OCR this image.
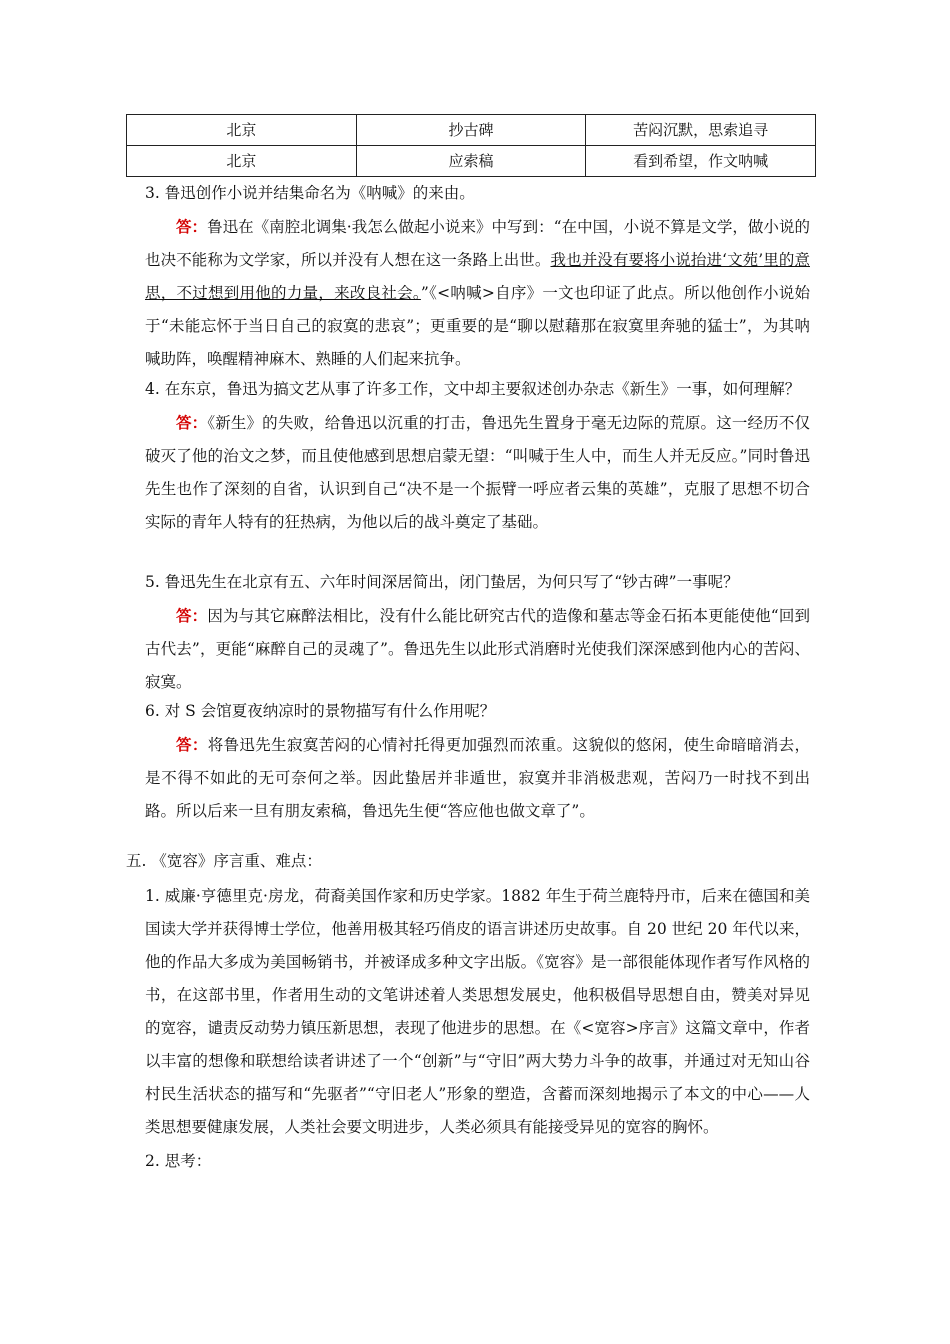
北京	抄古碑	苦闷沉默，思索追寻
北京	应索稿	看到希望，作文呐喊
3. 鲁迅创作小说并结集命名为《呐喊》的来由。
答：鲁迅在《南腔北调集·我怎么做起小说来》中写到：“在中国，小说不算是文学，做小说的也决不能称为文学家，所以并没有人想在这一条路上出世。我也并没有要将小说抬进‘文苑’里的意思，不过想到用他的力量，来改良社会。”《<呐喊>自序》一文也印证了此点。所以他创作小说始于“未能忘怀于当日自己的寂寞的悲哀”；更重要的是“聊以慰藉那在寂寞里奔驰的猛士”，为其呐喊助阵，唤醒精神麻木、熟睡的人们起来抗争。
4. 在东京，鲁迅为搞文艺从事了许多工作，文中却主要叙述创办杂志《新生》一事，如何理解？
答：《新生》的失败，给鲁迅以沉重的打击，鲁迅先生置身于毫无边际的荒原。这一经历不仅破灭了他的治文之梦，而且使他感到思想启蒙无望：“叫喊于生人中，而生人并无反应。”同时鲁迅先生也作了深刻的自省，认识到自己“决不是一个振臂一呼应者云集的英雄”，克服了思想不切合实际的青年人特有的狂热病，为他以后的战斗奠定了基础。
5. 鲁迅先生在北京有五、六年时间深居简出，闭门蛰居，为何只写了“钞古碑”一事呢？
答：因为与其它麻醉法相比，没有什么能比研究古代的造像和墓志等金石拓本更能使他“回到古代去”，更能“麻醉自己的灵魂了”。鲁迅先生以此形式消磨时光使我们深深感到他内心的苦闷、寂寞。
6. 对 S 会馆夏夜纳凉时的景物描写有什么作用呢？
答：将鲁迅先生寂寞苦闷的心情衬托得更加强烈而浓重。这貌似的悠闲，使生命暗暗消去，是不得不如此的无可奈何之举。因此蛰居并非遁世，寂寞并非消极悲观，苦闷乃一时找不到出路。所以后来一旦有朋友索稿，鲁迅先生便“答应他也做文章了”。
五. 《宽容》序言重、难点：
1. 威廉·亨德里克·房龙，荷裔美国作家和历史学家。1882 年生于荷兰鹿特丹市，后来在德国和美国读大学并获得博士学位，他善用极其轻巧俏皮的语言讲述历史故事。自 20 世纪 20 年代以来，他的作品大多成为美国畅销书，并被译成多种文字出版。《宽容》是一部很能体现作者写作风格的书，在这部书里，作者用生动的文笔讲述着人类思想发展史，他积极倡导思想自由，赞美对异见的宽容，谴责反动势力镇压新思想，表现了他进步的思想。在《<宽容>序言》这篇文章中，作者以丰富的想像和联想给读者讲述了一个“创新”与“守旧”两大势力斗争的故事，并通过对无知山谷村民生活状态的描写和“先驱者”“守旧老人”形象的塑造，含蓄而深刻地揭示了本文的中心——人类思想要健康发展，人类社会要文明进步，人类必须具有能接受异见的宽容的胸怀。
2. 思考：
